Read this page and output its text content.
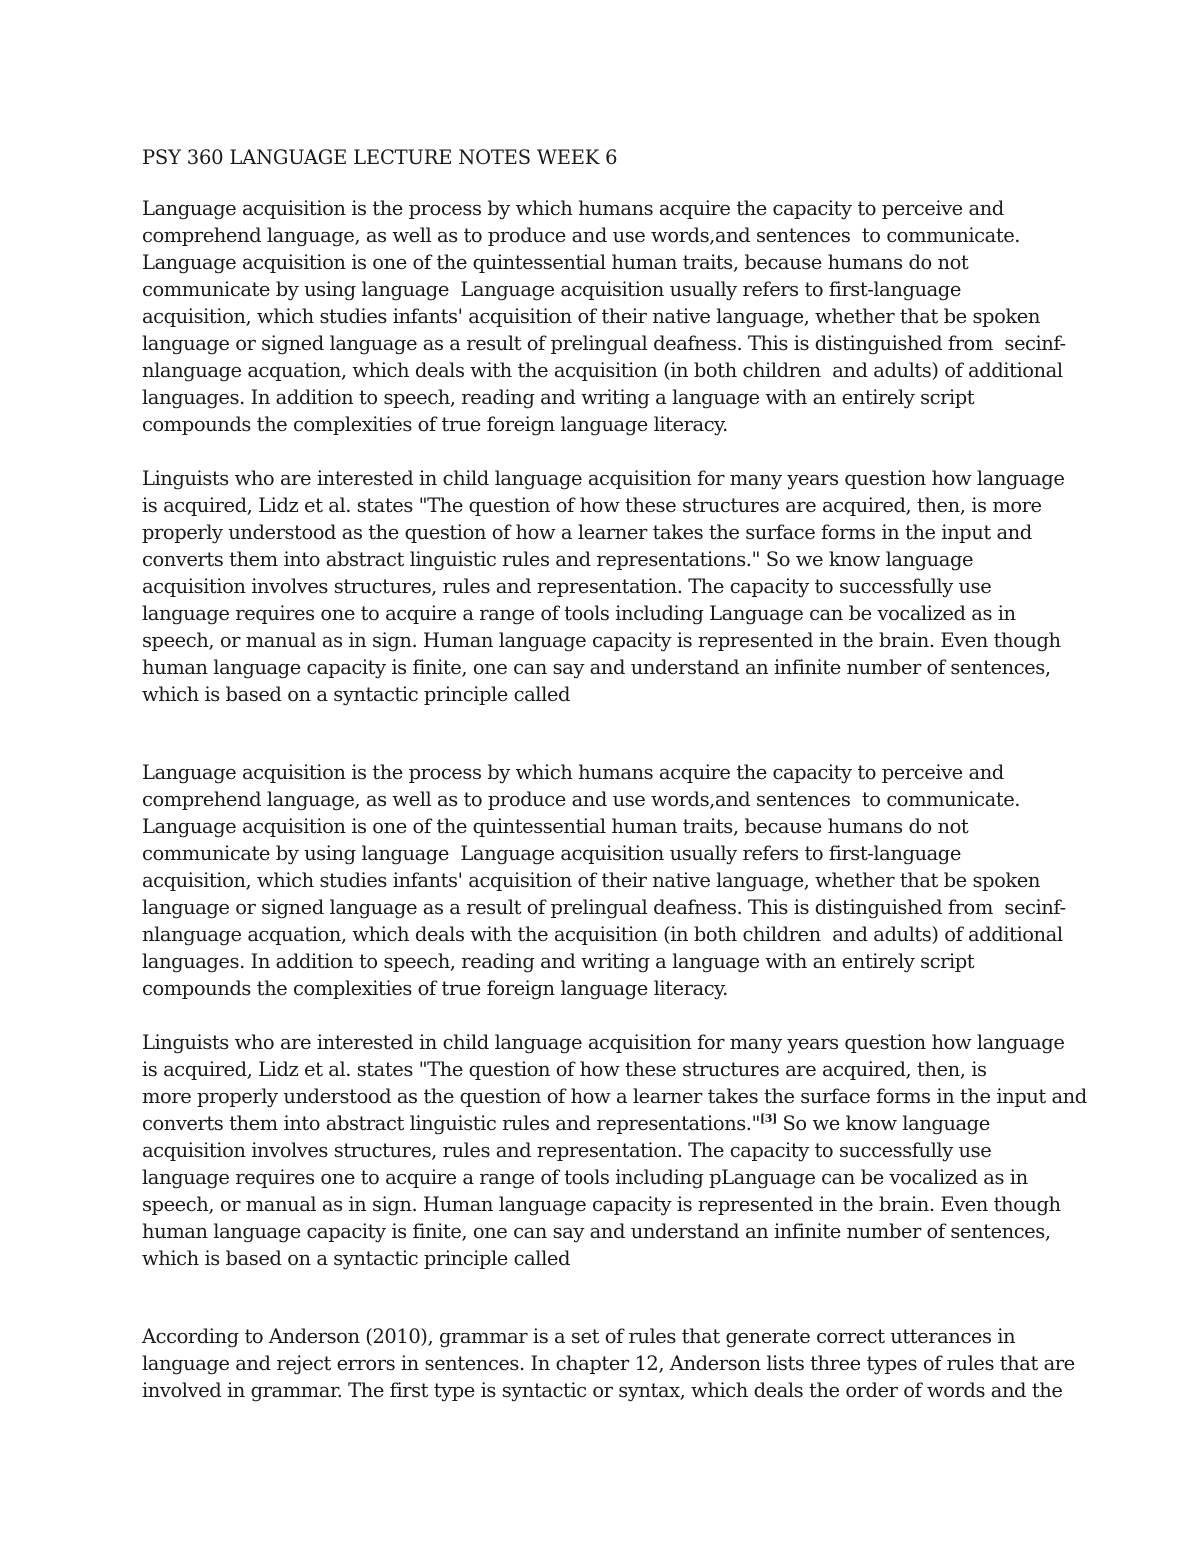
PSY 360 LANGUAGE LECTURE NOTES WEEK 6

Language acquisition is the process by which humans acquire the capacity to perceive and

comprehend language, as well as to produce and use words,and sentences  to communicate.

Language acquisition is one of the quintessential human traits, because humans do not

communicate by using language  Language acquisition usually refers to first-language

acquisition, which studies infants' acquisition of their native language, whether that be spoken

language or signed language as a result of prelingual deafness. This is distinguished from  secinf-

nlanguage acquation, which deals with the acquisition (in both children  and adults) of additional

languages. In addition to speech, reading and writing a language with an entirely script

compounds the complexities of true foreign language literacy.

Linguists who are interested in child language acquisition for many years question how language

is acquired, Lidz et al. states "The question of how these structures are acquired, then, is more

properly understood as the question of how a learner takes the surface forms in the input and

converts them into abstract linguistic rules and representations." So we know language

acquisition involves structures, rules and representation. The capacity to successfully use

language requires one to acquire a range of tools including Language can be vocalized as in

speech, or manual as in sign. Human language capacity is represented in the brain. Even though

human language capacity is finite, one can say and understand an infinite number of sentences,

which is based on a syntactic principle called

Language acquisition is the process by which humans acquire the capacity to perceive and

comprehend language, as well as to produce and use words,and sentences  to communicate.

Language acquisition is one of the quintessential human traits, because humans do not

communicate by using language  Language acquisition usually refers to first-language

acquisition, which studies infants' acquisition of their native language, whether that be spoken

language or signed language as a result of prelingual deafness. This is distinguished from  secinf-

nlanguage acquation, which deals with the acquisition (in both children  and adults) of additional

languages. In addition to speech, reading and writing a language with an entirely script

compounds the complexities of true foreign language literacy.

Linguists who are interested in child language acquisition for many years question how language

is acquired, Lidz et al. states "The question of how these structures are acquired, then, is

more properly understood as the question of how a learner takes the surface forms in the input and

converts them into abstract linguistic rules and representations."[3] So we know language

acquisition involves structures, rules and representation. The capacity to successfully use

language requires one to acquire a range of tools including pLanguage can be vocalized as in

speech, or manual as in sign. Human language capacity is represented in the brain. Even though

human language capacity is finite, one can say and understand an infinite number of sentences,

which is based on a syntactic principle called

According to Anderson (2010), grammar is a set of rules that generate correct utterances in

language and reject errors in sentences. In chapter 12, Anderson lists three types of rules that are

involved in grammar. The first type is syntactic or syntax, which deals the order of words and the
